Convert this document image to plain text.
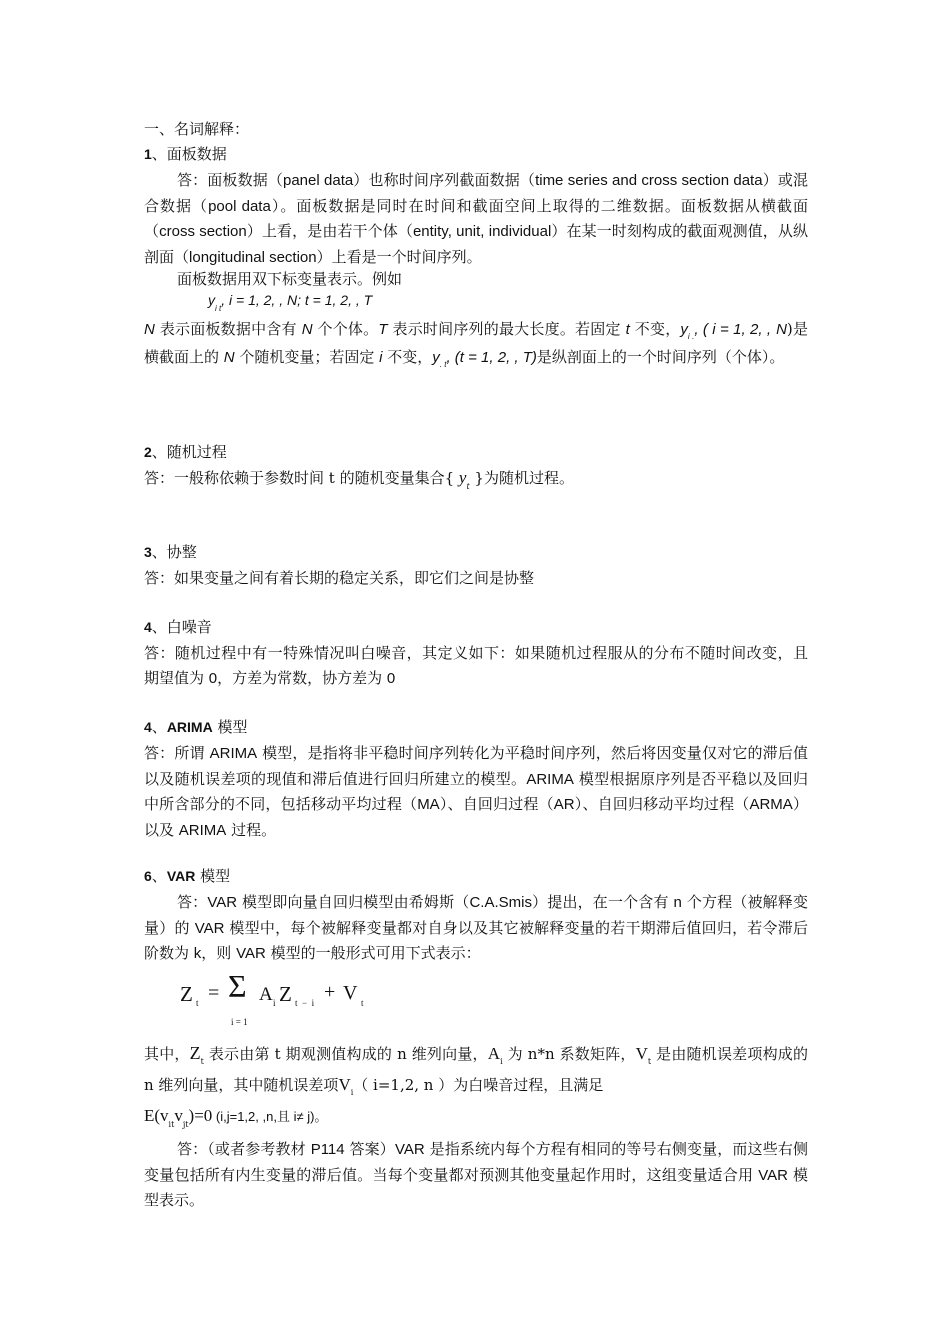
一、名词解释：

1、面板数据

答：面板数据（panel data）也称时间序列截面数据（time series and cross section data）或混合数据（pool data）。面板数据是同时在时间和截面空间上取得的二维数据。面板数据从横截面（cross section）上看，是由若干个体（entity, unit, individual）在某一时刻构成的截面观测值，从纵剖面（longitudinal section）上看是一个时间序列。

面板数据用双下标变量表示。例如

$y_{i t}$, i = 1, 2, , N; t = 1, 2, , T

N 表示面板数据中含有 N 个个体。T 表示时间序列的最大长度。若固定 t 不变，$y_{i .}$, ( i = 1, 2, , N)是横截面上的 N 个随机变量；若固定 i 不变，$y_{. t}$, (t = 1, 2, , T)是纵剖面上的一个时间序列（个体）。

2、随机过程

答：一般称依赖于参数时间 t 的随机变量集合{ $y_t$ }为随机过程。

3、协整

答：如果变量之间有着长期的稳定关系，即它们之间是协整

4、白噪音

答：随机过程中有一特殊情况叫白噪音，其定义如下：如果随机过程服从的分布不随时间改变，且 期望值为 0，方差为常数，协方差为 0

4、ARIMA 模型

答：所谓 ARIMA 模型，是指将非平稳时间序列转化为平稳时间序列，然后将因变量仅对它的滞后值以及随机误差项的现值和滞后值进行回归所建立的模型。ARIMA 模型根据原序列是否平稳以及回归中所含部分的不同，包括移动平均过程（MA）、自回归过程（AR）、自回归移动平均过程（ARMA）以及 ARIMA 过程。

6、VAR 模型

答：VAR 模型即向量自回归模型由希姆斯（C.A.Smis）提出，在一个含有 n 个方程（被解释变量）的 VAR 模型中，每个被解释变量都对自身以及其它被解释变量的若干期滞后值回归，若令滞后阶数为 k，则 VAR 模型的一般形式可用下式表示：

Z t = Σ
i = 1
A i Z t  −  i + V t

其中，$Z_t$ 表示由第 t 期观测值构成的 n 维列向量，$A_i$ 为 n*n 系数矩阵，$V_t$ 是由随机误差项构成的 n 维列向量，其中随机误差项$V_i$（ i=1,2, n ）为白噪音过程，且满足
$E(v_{it}v_{jt})=0$ (i,j=1,2, ,n,且 i≠ j)。

答：（或者参考教材 P114 答案）VAR 是指系统内每个方程有相同的等号右侧变量，而这些右侧变量包括所有内生变量的滞后值。当每个变量都对预测其他变量起作用时，这组变量适合用 VAR 模型表示。
